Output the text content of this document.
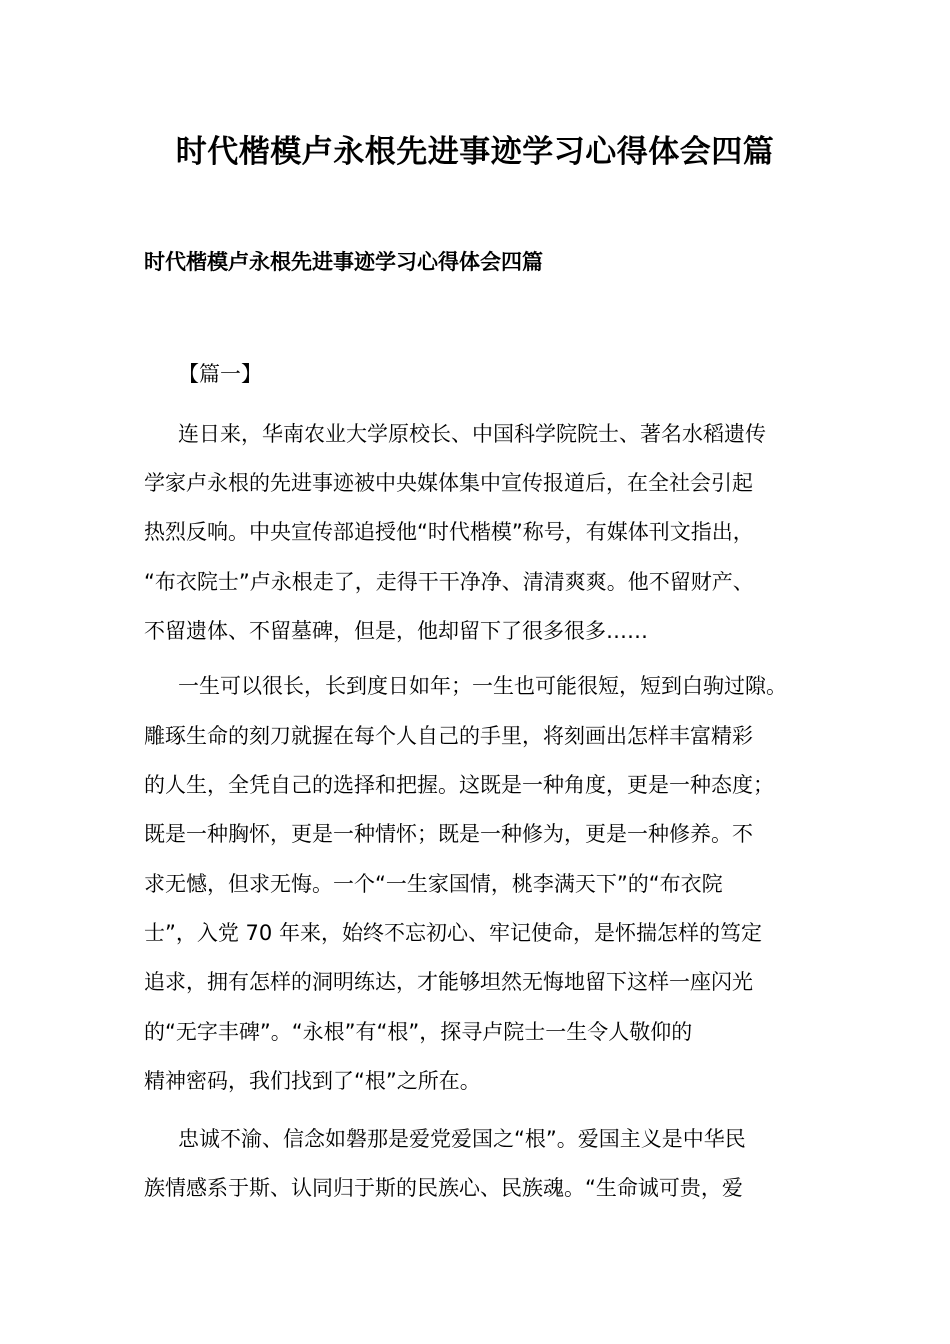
时代楷模卢永根先进事迹学习心得体会四篇
时代楷模卢永根先进事迹学习心得体会四篇

【篇一】

连日来，华南农业大学原校长、中国科学院院士、著名水稻遗传

学家卢永根的先进事迹被中央媒体集中宣传报道后，在全社会引起

热烈反响。中央宣传部追授他“时代楷模”称号，有媒体刊文指出，

“布衣院士”卢永根走了，走得干干净净、清清爽爽。他不留财产、

不留遗体、不留墓碑，但是，他却留下了很多很多……

一生可以很长，长到度日如年；一生也可能很短，短到白驹过隙。

雕琢生命的刻刀就握在每个人自己的手里，将刻画出怎样丰富精彩

的人生，全凭自己的选择和把握。这既是一种角度，更是一种态度；

既是一种胸怀，更是一种情怀；既是一种修为，更是一种修养。不

求无憾，但求无悔。一个“一生家国情，桃李满天下”的“布衣院

士”，入党 70 年来，始终不忘初心、牢记使命，是怀揣怎样的笃定

追求，拥有怎样的洞明练达，才能够坦然无悔地留下这样一座闪光

的“无字丰碑”。“永根”有“根”，探寻卢院士一生令人敬仰的

精神密码，我们找到了“根”之所在。

忠诚不渝、信念如磐那是爱党爱国之“根”。爱国主义是中华民

族情感系于斯、认同归于斯的民族心、民族魂。“生命诚可贵，爱
